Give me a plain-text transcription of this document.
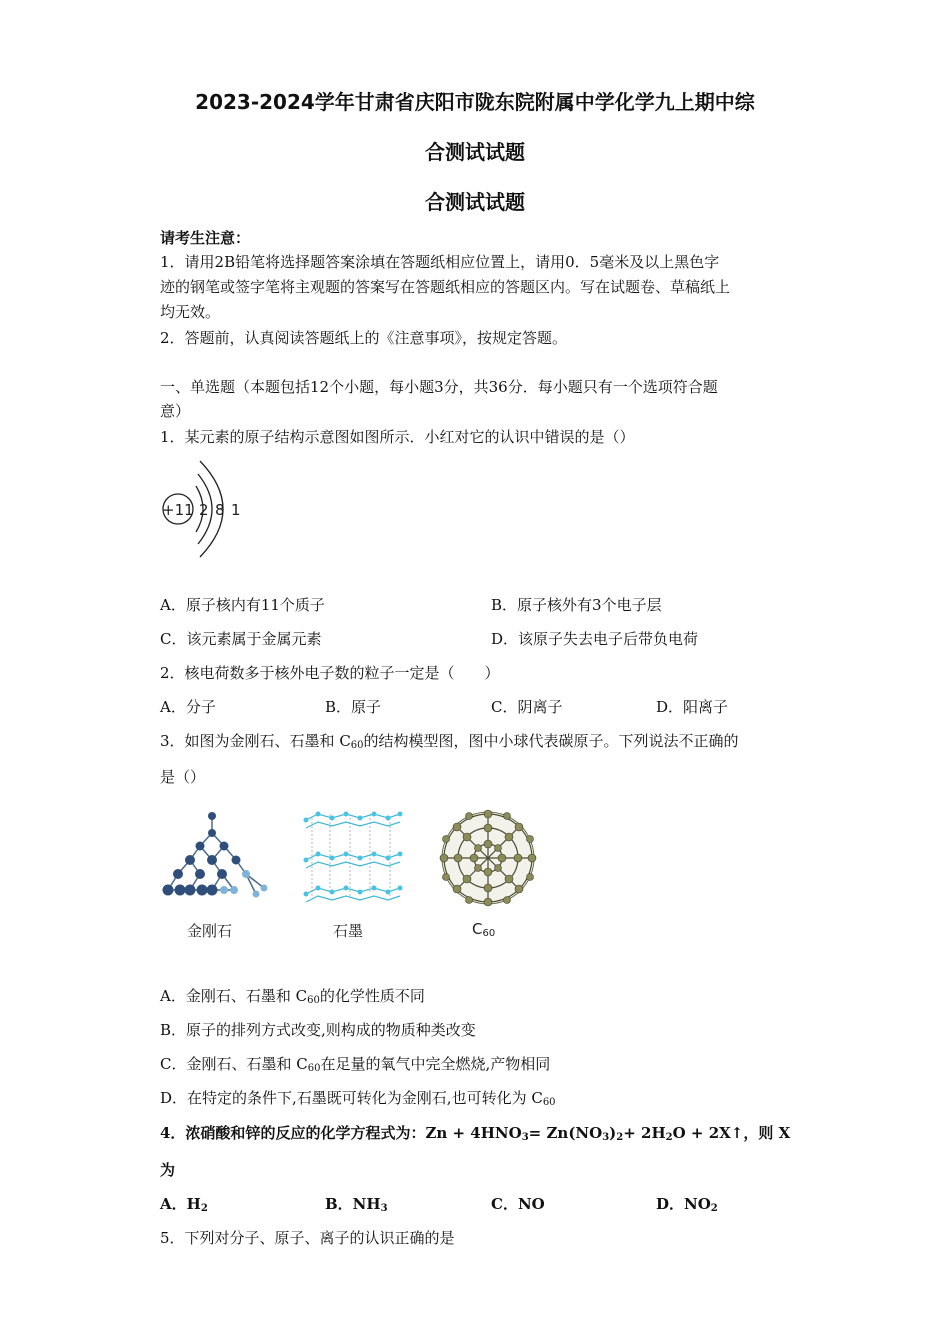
2023-2024学年甘肃省庆阳市陇东院附属中学化学九上期中综
合测试试题
合测试试题
请考生注意：
1．请用2B铅笔将选择题答案涂填在答题纸相应位置上，请用0．5毫米及以上黑色字
迹的钢笔或签字笔将主观题的答案写在答题纸相应的答题区内。写在试题卷、草稿纸上
均无效。
2．答题前，认真阅读答题纸上的《注意事项》，按规定答题。
一、单选题（本题包括12个小题，每小题3分，共36分．每小题只有一个选项符合题
意）
1．某元素的原子结构示意图如图所示．小红对它的认识中错误的是（）
+11 2 8 1
A．原子核内有11个质子	B．原子核外有3个电子层
C．该元素属于金属元素	D．该原子失去电子后带负电荷
2．核电荷数多于核外电子数的粒子一定是（　　）
A．分子	B．原子	C．阴离子	D．阳离子
3．如图为金刚石、石墨和 $C_{60}$的结构模型图，图中小球代表碳原子。下列说法不正确的
是（）
金刚石	石墨	$C_{60}$
A．金刚石、石墨和 $C_{60}$的化学性质不同
B．原子的排列方式改变,则构成的物质种类改变
C．金刚石、石墨和 $C_{60}$在足量的氧气中完全燃烧,产物相同
D．在特定的条件下,石墨既可转化为金刚石,也可转化为 $C_{60}$
4．浓硝酸和锌的反应的化学方程式为：$Zn + 4HNO_3= Zn(NO_3)_2+ 2H_2O$ + 2X↑，则 X
为
A．$H_2$	B．$NH_3$	C．NO	D．$NO_2$
5．下列对分子、原子、离子的认识正确的是
